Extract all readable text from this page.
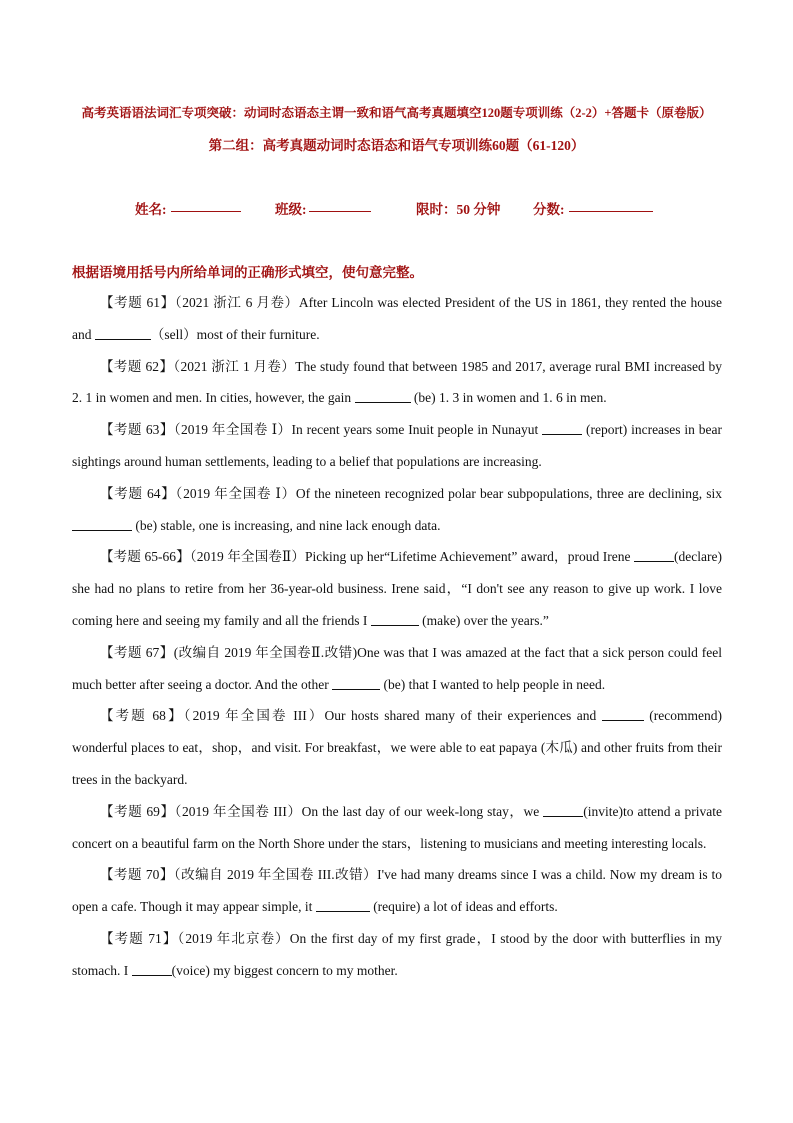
高考英语语法词汇专项突破：动词时态语态主谓一致和语气高考真题填空120题专项训练（2-2）+答题卡（原卷版）
第二组：高考真题动词时态语态和语气专项训练60题（61-120）
姓名:	班级:	限时：50 分钟 分数:
根据语境用括号内所给单词的正确形式填空，使句意完整。

【考题 61】（2021 浙江 6 月卷）After Lincoln was elected President of the US in 1861, they rented the house and	（sell）most of their furniture.

【考题 62】（2021 浙江 1 月卷）The study found that between 1985 and 2017, average rural BMI increased by 2. 1 in women and men. In cities, however, the gain	(be) 1. 3 in women and 1. 6 in men.

【考题 63】（2019 年全国卷 Ⅰ）In recent years some Inuit people in Nunayut	(report) increases in bear sightings around human settlements, leading to a belief that populations are increasing.

【考题 64】（2019 年全国卷 Ⅰ）Of the nineteen recognized polar bear subpopulations, three are declining, six  (be) stable, one is increasing, and nine lack enough data.

【考题 65-66】（2019 年全国卷Ⅱ）Picking up her“Lifetime Achievement” award，proud Irene	(declare) she had no plans to retire from her 36-year-old business. Irene said，“I don't see any reason to give up work. I love coming here and seeing my family and all the friends I	(make) over the years.”

【考题 67】(改编自 2019 年全国卷Ⅱ.改错)One was that I was amazed at the fact that a sick person could feel much better after seeing a doctor. And the other	(be) that I wanted to help people in need.

【考题 68】（2019 年全国卷 III）Our hosts shared many of their experiences and	(recommend) wonderful places to eat，shop，and visit. For breakfast，we were able to eat papaya (木瓜) and other fruits from their trees in the backyard.

【考题 69】（2019 年全国卷 III）On the last day of our week-long stay，we	(invite)to attend a private concert on a beautiful farm on the North Shore under the stars，listening to musicians and meeting interesting locals.

【考题 70】（改编自 2019 年全国卷 III.改错）I've had many dreams since I was a child. Now my dream is to open a cafe. Though it may appear simple, it	(require) a lot of ideas and efforts.

【考题 71】（2019 年北京卷）On the first day of my first grade，I stood by the door with butterflies in my stomach. I	(voice) my biggest concern to my mother.
